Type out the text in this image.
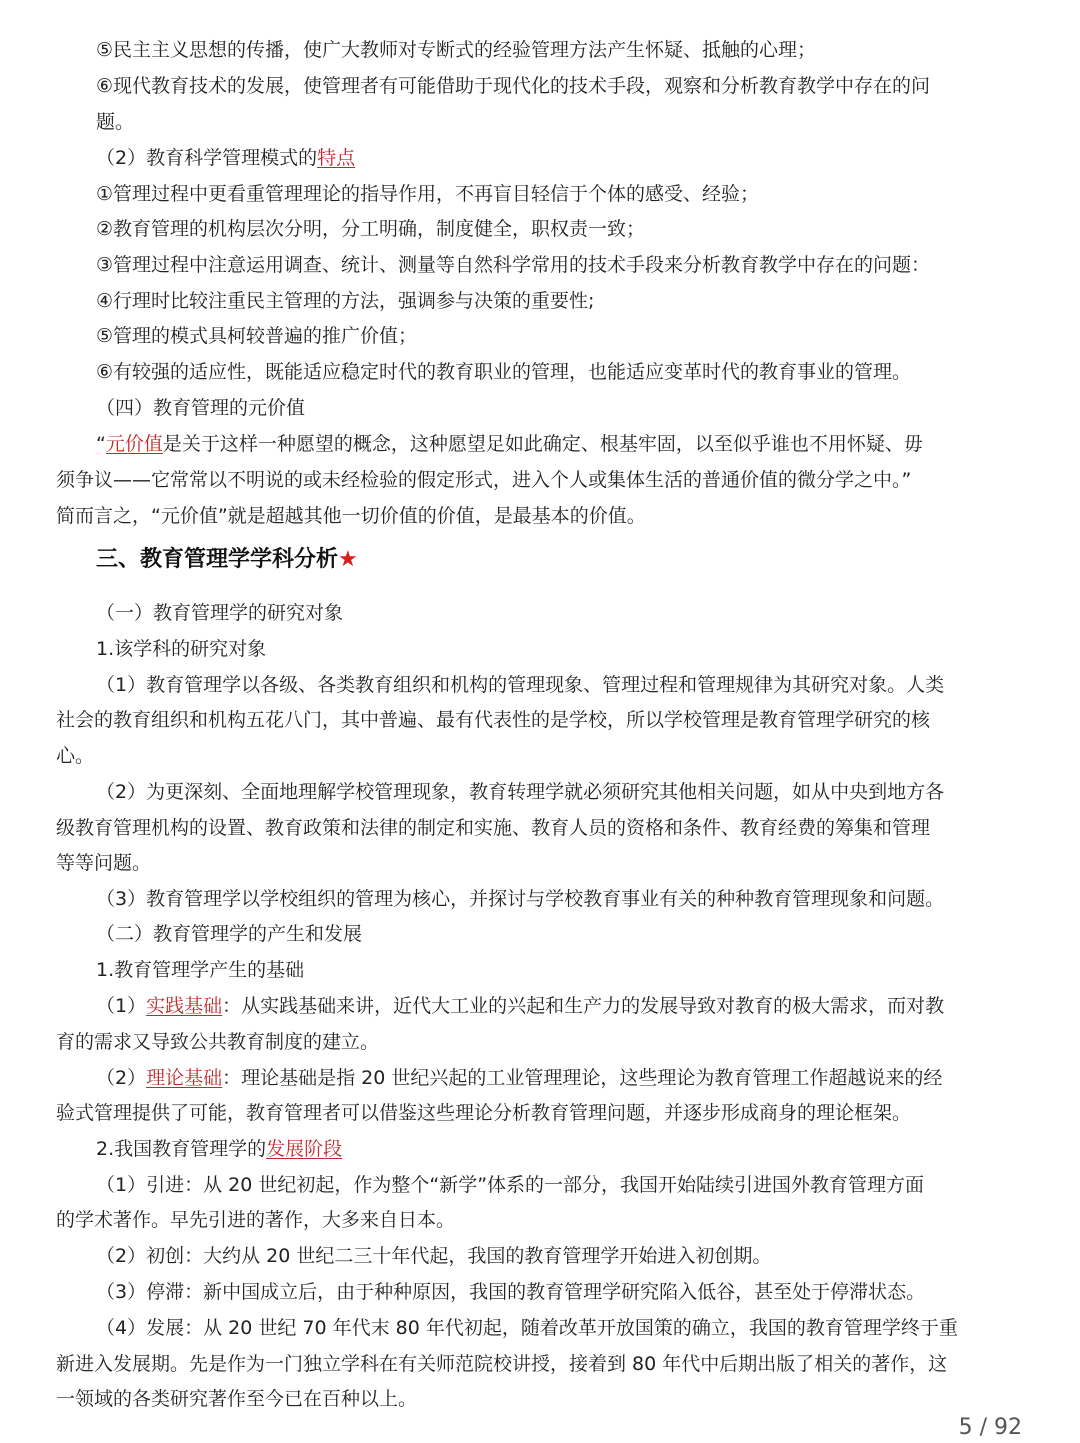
⑤民主主义思想的传播，使广大教师对专断式的经验管理方法产生怀疑、抵触的心理；
⑥现代教育技术的发展，使管理者有可能借助于现代化的技术手段，观察和分析教育教学中存在的问
题。
（2）教育科学管理模式的特点
①管理过程中更看重管理理论的指导作用，不再盲目轻信于个体的感受、经验；
②教育管理的机构层次分明，分工明确，制度健全，职权责一致；
③管理过程中注意运用调查、统计、测量等自然科学常用的技术手段来分析教育教学中存在的问题：
④行理时比较注重民主管理的方法，强调参与决策的重要性;
⑤管理的模式具柯较普遍的推广价值；
⑥有较强的适应性，既能适应稳定时代的教育职业的管理，也能适应变革时代的教育事业的管理。
（四）教育管理的元价值
“元价值是关于这样一种愿望的概念，这种愿望足如此确定、根基牢固，以至似乎谁也不用怀疑、毋
须争议——它常常以不明说的或未经检验的假定形式，进入个人或集体生活的普通价值的微分学之中。”
简而言之，“元价值”就是超越其他一切价值的价值，是最基本的价值。
三、教育管理学学科分析★
（一）教育管理学的研究对象
1.该学科的研究对象
（1）教育管理学以各级、各类教育组织和机构的管理现象、管理过程和管理规律为其研究对象。人类
社会的教育组织和机构五花八门，其中普遍、最有代表性的是学校，所以学校管理是教育管理学研究的核
心。
（2）为更深刻、全面地理解学校管理现象，教育转理学就必须研究其他相关问题，如从中央到地方各
级教育管理机构的设置、教育政策和法律的制定和实施、教育人员的资格和条件、教育经费的筹集和管理
等等问题。
（3）教育管理学以学校组织的管理为核心，并探讨与学校教育事业有关的种种教育管理现象和问题。
（二）教育管理学的产生和发展
1.教育管理学产生的基础
（1）实践基础：从实践基础来讲，近代大工业的兴起和生产力的发展导致对教育的极大需求，而对教
育的需求又导致公共教育制度的建立。
（2）理论基础：理论基础是指 20 世纪兴起的工业管理理论，这些理论为教育管理工作超越说来的经
验式管理提供了可能，教育管理者可以借鉴这些理论分析教育管理问题，并逐步形成商身的理论框架。
2.我国教育管理学的发展阶段
（1）引进：从 20 世纪初起，作为整个“新学”体系的一部分，我国开始陆续引进国外教育管理方面
的学术著作。早先引进的著作，大多来自日本。
（2）初创：大约从 20 世纪二三十年代起，我国的教育管理学开始进入初创期。
（3）停滞：新中国成立后，由于种种原因，我国的教育管理学研究陷入低谷，甚至处于停滞状态。
（4）发展：从 20 世纪 70 年代末 80 年代初起，随着改革开放国策的确立，我国的教育管理学终于重
新进入发展期。先是作为一门独立学科在有关师范院校讲授，接着到 80 年代中后期出版了相关的著作，这
一领域的各类研究著作至今已在百种以上。
5 / 92
